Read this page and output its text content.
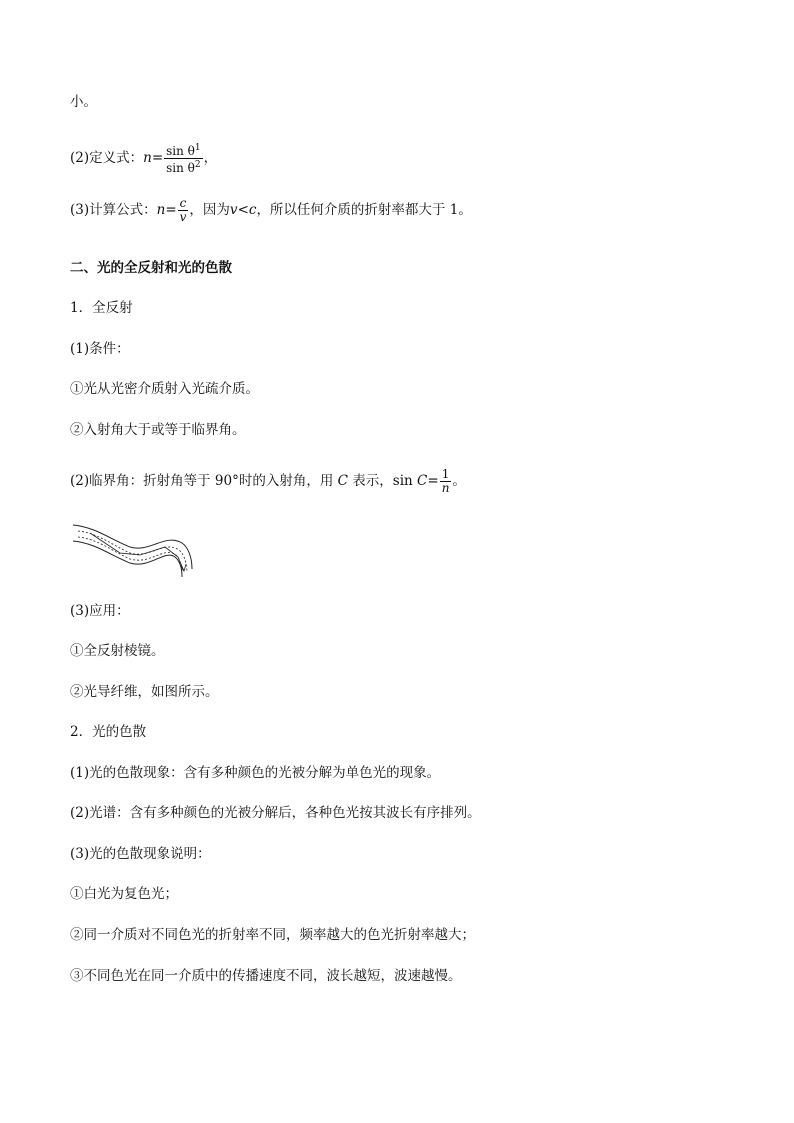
小。
(2)定义式：$n= \frac{\sin \theta^1}{\sin \theta^2}$ ，
(3)计算公式：$n= \frac{c}{v}$ ，因为v<c，所以任何介质的折射率都大于 1。
二、光的全反射和光的色散
1．全反射
(1)条件：
①光从光密介质射入光疏介质。
②入射角大于或等于临界角。
(2)临界角：折射角等于 90°时的入射角，用 C 表示，$\sin C= \frac{1}{n}$ 。
(3)应用：
①全反射棱镜。
②光导纤维，如图所示。
2．光的色散
(1)光的色散现象：含有多种颜色的光被分解为单色光的现象。
(2)光谱：含有多种颜色的光被分解后，各种色光按其波长有序排列。
(3)光的色散现象说明：
①白光为复色光；
②同一介质对不同色光的折射率不同，频率越大的色光折射率越大；
③不同色光在同一介质中的传播速度不同，波长越短，波速越慢。
